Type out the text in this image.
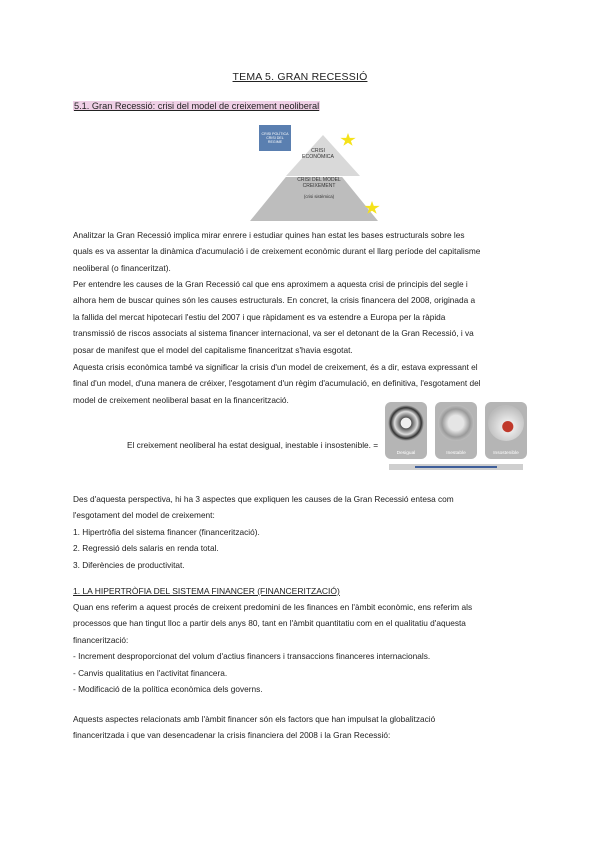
TEMA 5. GRAN RECESSIÓ
5.1. Gran Recessió: crisi del model de creixement neoliberal
CRISI POLÍTICA CRISI DEL REGIME
CRISI ECONÒMICA
CRISI DEL MODEL CREIXEMENT
(crisi sistèmica)
Analitzar la Gran Recessió implica mirar enrere i estudiar quines han estat les bases estructurals sobre les
quals es va assentar la dinàmica d'acumulació i de creixement econòmic durant el llarg període del capitalisme
neoliberal (o financeritzat).
Per entendre les causes de la Gran Recessió cal que ens aproximem a aquesta crisi de principis del segle i
alhora hem de buscar quines són les causes estructurals. En concret, la crisis financera del 2008, originada a
la fallida del mercat hipotecari l'estiu del 2007 i que ràpidament es va estendre a Europa per la ràpida
transmissió de riscos associats al sistema financer internacional, va ser el detonant de la Gran Recessió, i va
posar de manifest que el model del capitalisme financeritzat s'havia esgotat.
Aquesta crisis econòmica també va significar la crisis d'un model de creixement, és a dir, estava expressant el
final d'un model, d'una manera de créixer, l'esgotament d'un règim d'acumulació, en definitiva, l'esgotament del
model de creixement neoliberal basat en la financerització.
El creixement neoliberal ha estat desigual, inestable i insostenible. =
Desigual	Inestable	Insostenible
Des d'aquesta perspectiva, hi ha 3 aspectes que expliquen les causes de la Gran Recessió entesa com
l'esgotament del model de creixement:
1. Hipertròfia del sistema financer (financerització).
2. Regressió dels salaris en renda total.
3. Diferències de productivitat.
1. LA HIPERTRÒFIA DEL SISTEMA FINANCER (FINANCERITZACIÓ)
Quan ens referim a aquest procés de creixent predomini de les finances en l'àmbit econòmic, ens referim als
processos que han tingut lloc a partir dels anys 80, tant en l'àmbit quantitatiu com en el qualitatiu d'aquesta
financerització:
- Increment desproporcionat del volum d'actius financers i transaccions financeres internacionals.
- Canvis qualitatius en l'activitat financera.
- Modificació de la política econòmica dels governs.
Aquests aspectes relacionats amb l'àmbit financer són els factors que han impulsat la globalització
financeritzada i que van desencadenar la crisis financiera del 2008 i la Gran Recessió:
